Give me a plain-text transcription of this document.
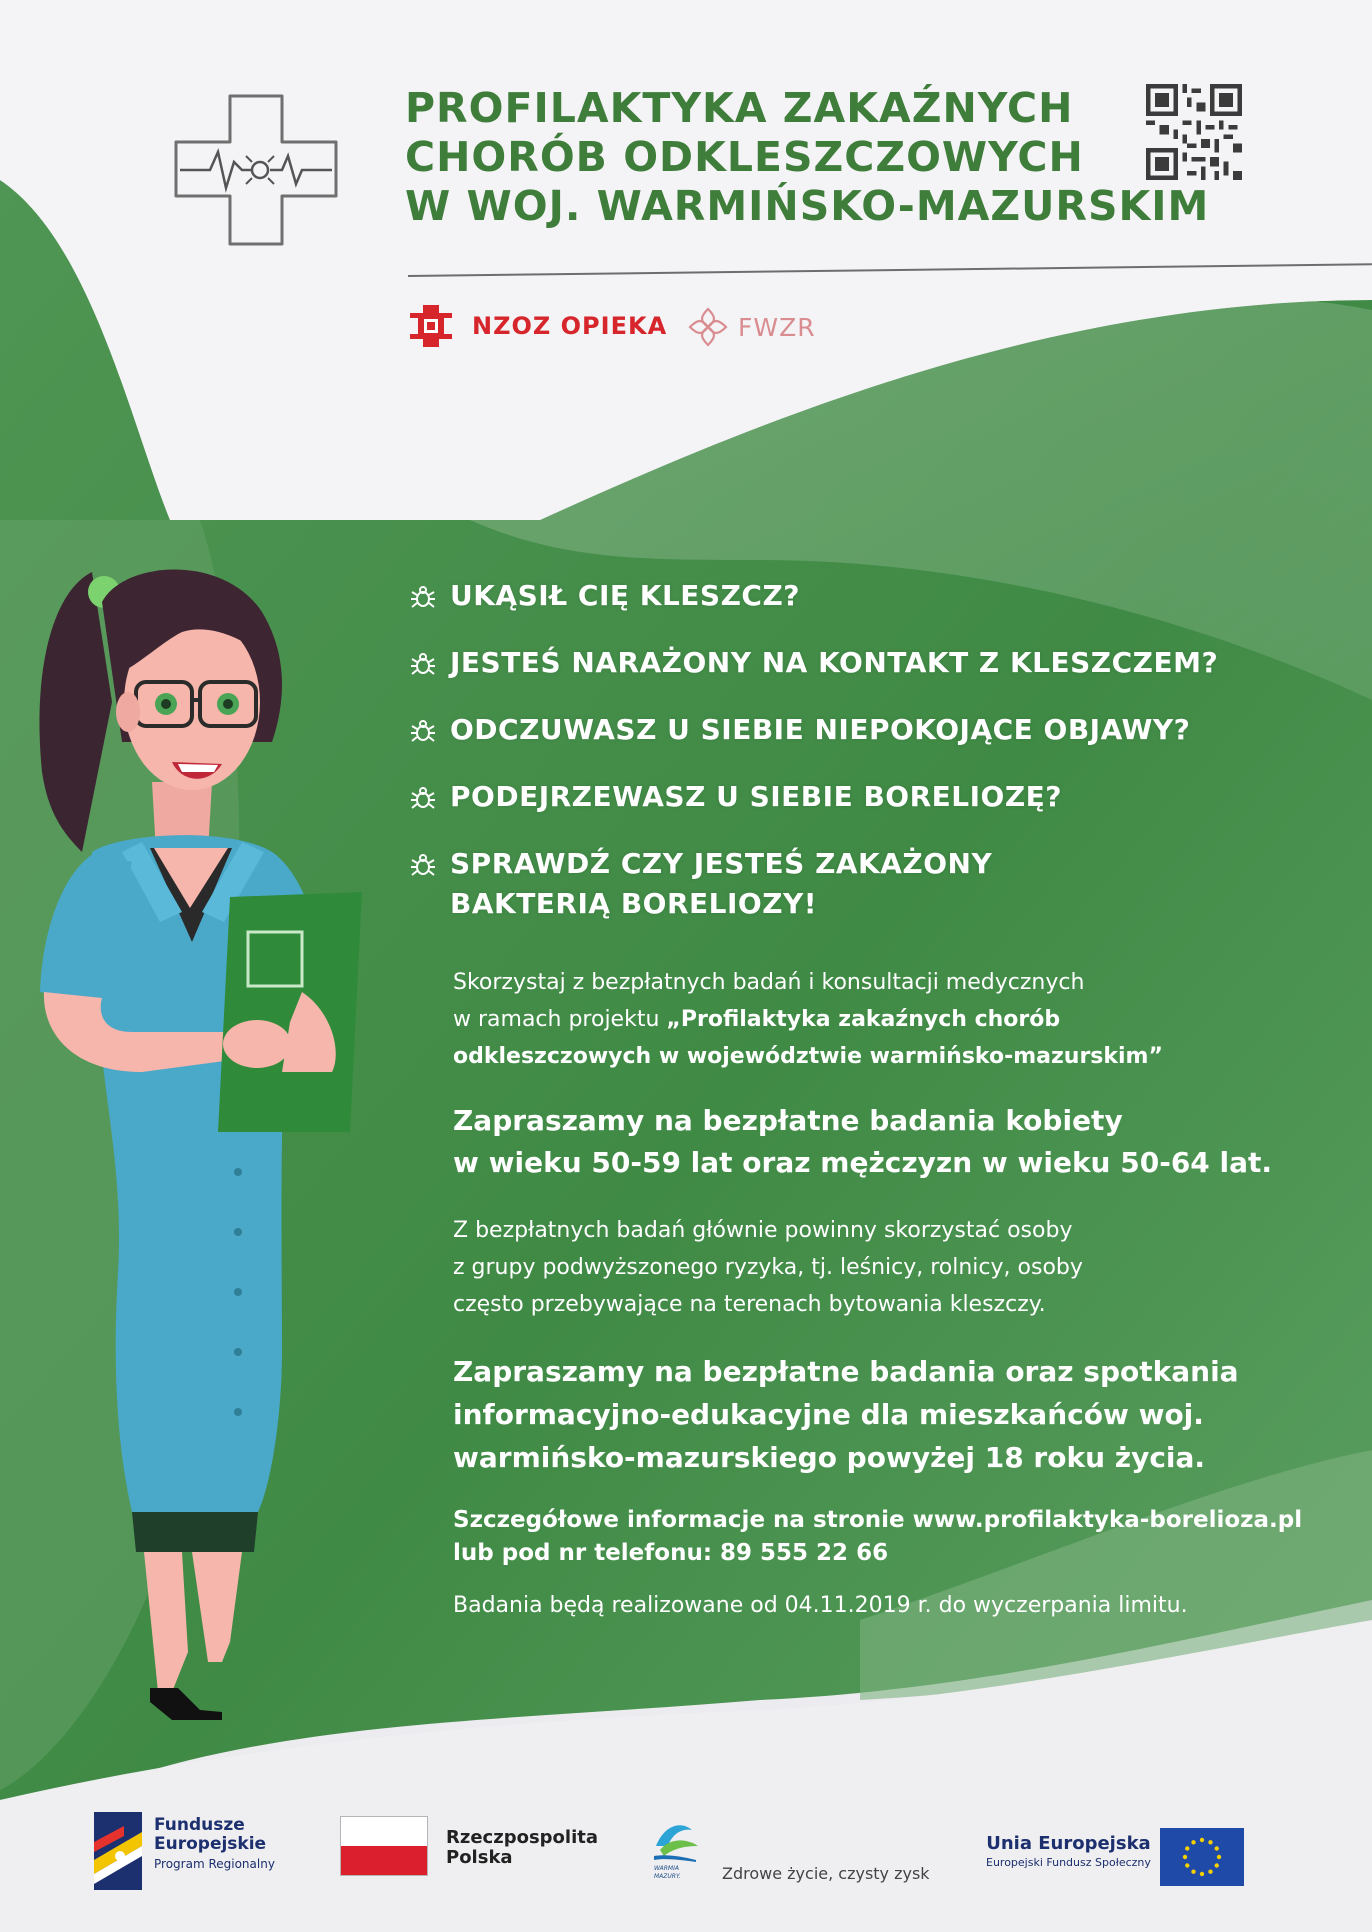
PROFILAKTYKA ZAKAŹNYCH
CHORÓB ODKLESZCZOWYCH
W WOJ. WARMIŃSKO-MAZURSKIM
NZOZ OPIEKA	FWZR
UKĄSIŁ CIĘ KLESZCZ?
JESTEŚ NARAŻONY NA KONTAKT Z KLESZCZEM?
ODCZUWASZ U SIEBIE NIEPOKOJĄCE OBJAWY?
PODEJRZEWASZ U SIEBIE BORELIOZĘ?
SPRAWDŹ CZY JESTEŚ ZAKAŻONY BAKTERIĄ BORELIOZY!
Skorzystaj z bezpłatnych badań i konsultacji medycznych
w ramach projektu „Profilaktyka zakaźnych chorób
odkleszczowych w województwie warmińsko-mazurskim”
Zapraszamy na bezpłatne badania kobiety
w wieku 50-59 lat oraz mężczyzn w wieku 50-64 lat.
Z bezpłatnych badań głównie powinny skorzystać osoby
z grupy podwyższonego ryzyka, tj. leśnicy, rolnicy, osoby
często przebywające na terenach bytowania kleszczy.
Zapraszamy na bezpłatne badania oraz spotkania
informacyjno-edukacyjne dla mieszkańców woj.
warmińsko-mazurskiego powyżej 18 roku życia.
Szczegółowe informacje na stronie www.profilaktyka-borelioza.pl
lub pod nr telefonu: 89 555 22 66
Badania będą realizowane od 04.11.2019 r. do wyczerpania limitu.
Fundusze
Europejskie
Program Regionalny
Rzeczpospolita
Polska
WARMIA
MAZURY.	Zdrowe życie, czysty zysk
Unia Europejska
Europejski Fundusz Społeczny
